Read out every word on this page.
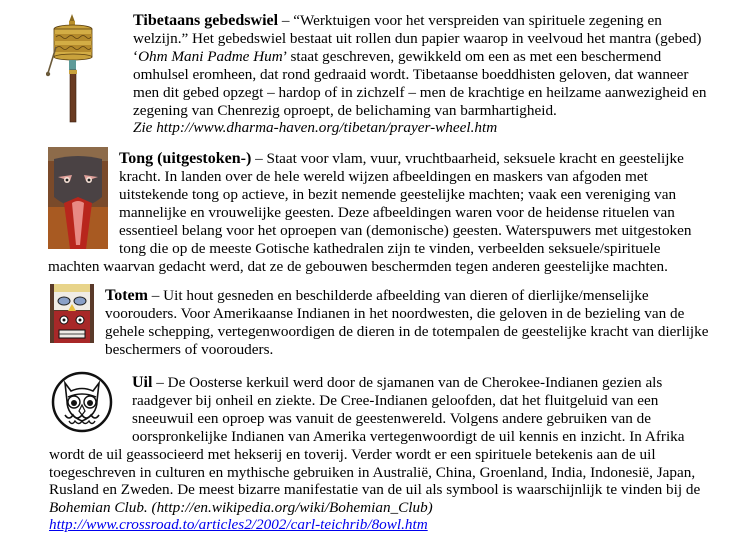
Tibetaans gebedswiel – “Werktuigen voor het verspreiden van spirituele zegening en
welzijn.” Het gebedswiel bestaat uit rollen dun papier waarop in veelvoud het mantra (gebed)
‘Ohm Mani Padme Hum’ staat geschreven, gewikkeld om een as met een beschermend
omhulsel eromheen, dat rond gedraaid wordt. Tibetaanse boeddhisten geloven, dat wanneer
men dit gebed opzegt – hardop of in zichzelf – men de krachtige en heilzame aanwezigheid en
zegening van Chenrezig oproept, de belichaming van barmhartigheid.
Zie http://www.dharma-haven.org/tibetan/prayer-wheel.htm
Tong (uitgestoken-) – Staat voor vlam, vuur, vruchtbaarheid, seksuele kracht en geestelijke
kracht. In landen over de hele wereld wijzen afbeeldingen en maskers van afgoden met
uitstekende tong op actieve, in bezit nemende geestelijke machten; vaak een vereniging van
mannelijke en vrouwelijke geesten. Deze afbeeldingen waren voor de heidense rituelen van
essentieel belang voor het oproepen van (demonische) geesten. Waterspuwers met uitgestoken
tong die op de meeste Gotische kathedralen zijn te vinden, verbeelden seksuele/spirituele
machten waarvan gedacht werd, dat ze de gebouwen beschermden tegen anderen geestelijke machten.
Totem – Uit hout gesneden en beschilderde afbeelding van dieren of dierlijke/menselijke
voorouders. Voor Amerikaanse Indianen in het noordwesten, die geloven in de bezieling van de
gehele schepping, vertegenwoordigen de dieren in de totempalen de geestelijke kracht van dierlijke
beschermers of voorouders.
Uil – De Oosterse kerkuil werd door de sjamanen van de Cherokee-Indianen gezien als
raadgever bij onheil en ziekte. De Cree-Indianen geloofden, dat het fluitgeluid van een
sneeuwuil een oproep was vanuit de geestenwereld. Volgens andere gebruiken van de
oorspronkelijke Indianen van Amerika vertegenwoordigt de uil kennis en inzicht. In Afrika
wordt de uil geassocieerd met hekserij en toverij. Verder wordt er een spirituele betekenis aan de uil
toegeschreven in culturen en mythische gebruiken in Australië, China, Groenland, India, Indonesië, Japan,
Rusland en Zweden. De meest bizarre manifestatie van de uil als symbool is waarschijnlijk te vinden bij de
Bohemian Club. (http://en.wikipedia.org/wiki/Bohemian_Club)
http://www.crossroad.to/articles2/2002/carl-teichrib/8owl.htm
